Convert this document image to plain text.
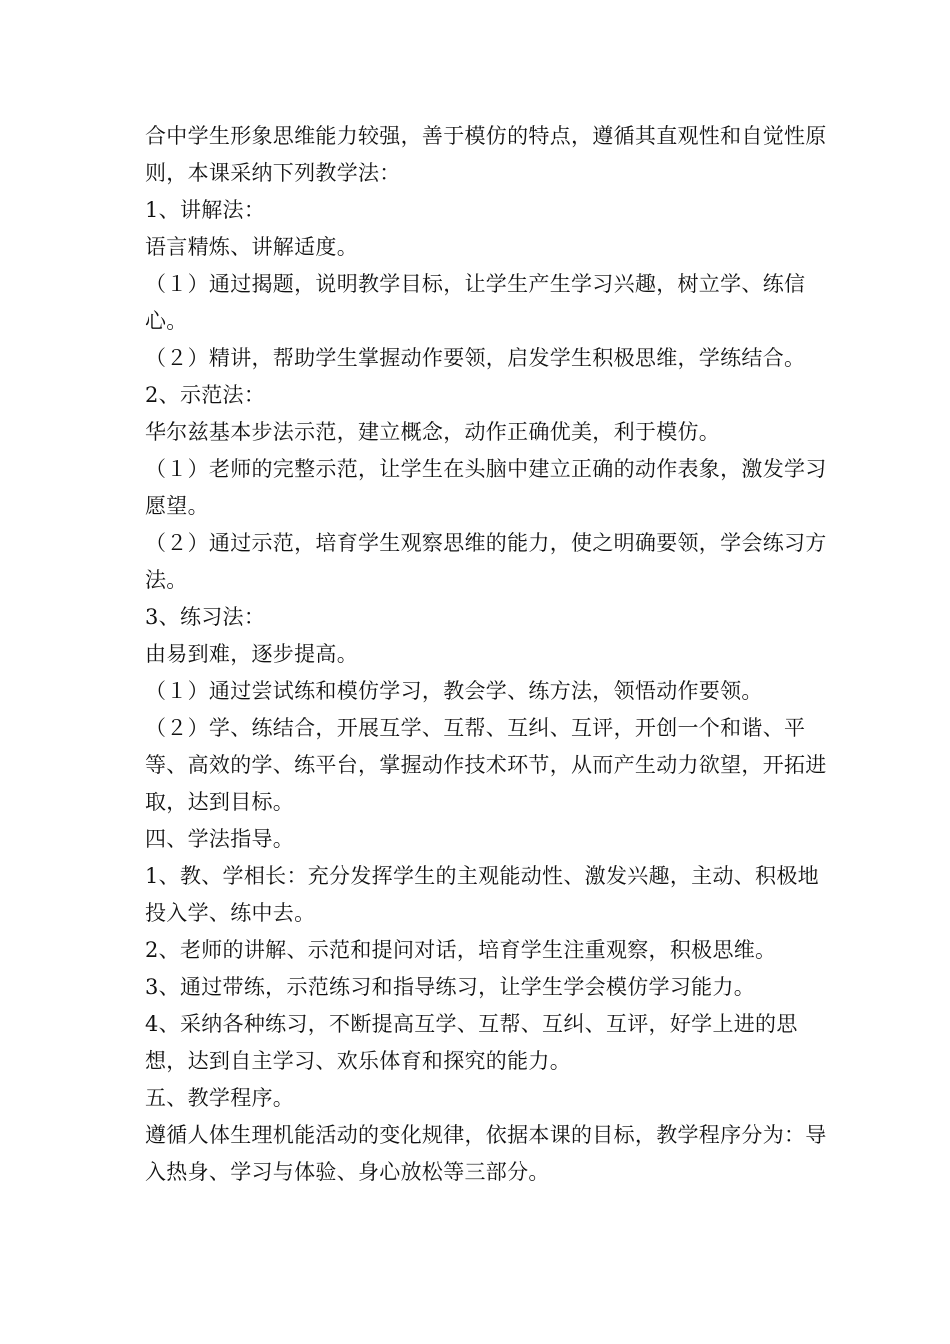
合中学生形象思维能力较强，善于模仿的特点，遵循其直观性和自觉性原则，本课采纳下列教学法：

1、讲解法：

语言精炼、讲解适度。

（１）通过揭题，说明教学目标，让学生产生学习兴趣，树立学、练信心。

（２）精讲，帮助学生掌握动作要领，启发学生积极思维，学练结合。

2、示范法：

华尔兹基本步法示范，建立概念，动作正确优美，利于模仿。

（１）老师的完整示范，让学生在头脑中建立正确的动作表象，激发学习愿望。

（２）通过示范，培育学生观察思维的能力，使之明确要领，学会练习方法。

3、练习法：

由易到难，逐步提高。

（１）通过尝试练和模仿学习，教会学、练方法，领悟动作要领。

（２）学、练结合，开展互学、互帮、互纠、互评，开创一个和谐、平等、高效的学、练平台，掌握动作技术环节，从而产生动力欲望，开拓进取，达到目标。

四、学法指导。

1、教、学相长：充分发挥学生的主观能动性、激发兴趣，主动、积极地投入学、练中去。

2、老师的讲解、示范和提问对话，培育学生注重观察，积极思维。

3、通过带练，示范练习和指导练习，让学生学会模仿学习能力。

4、采纳各种练习，不断提高互学、互帮、互纠、互评，好学上进的思想，达到自主学习、欢乐体育和探究的能力。

五、教学程序。

遵循人体生理机能活动的变化规律，依据本课的目标，教学程序分为：导入热身、学习与体验、身心放松等三部分。
